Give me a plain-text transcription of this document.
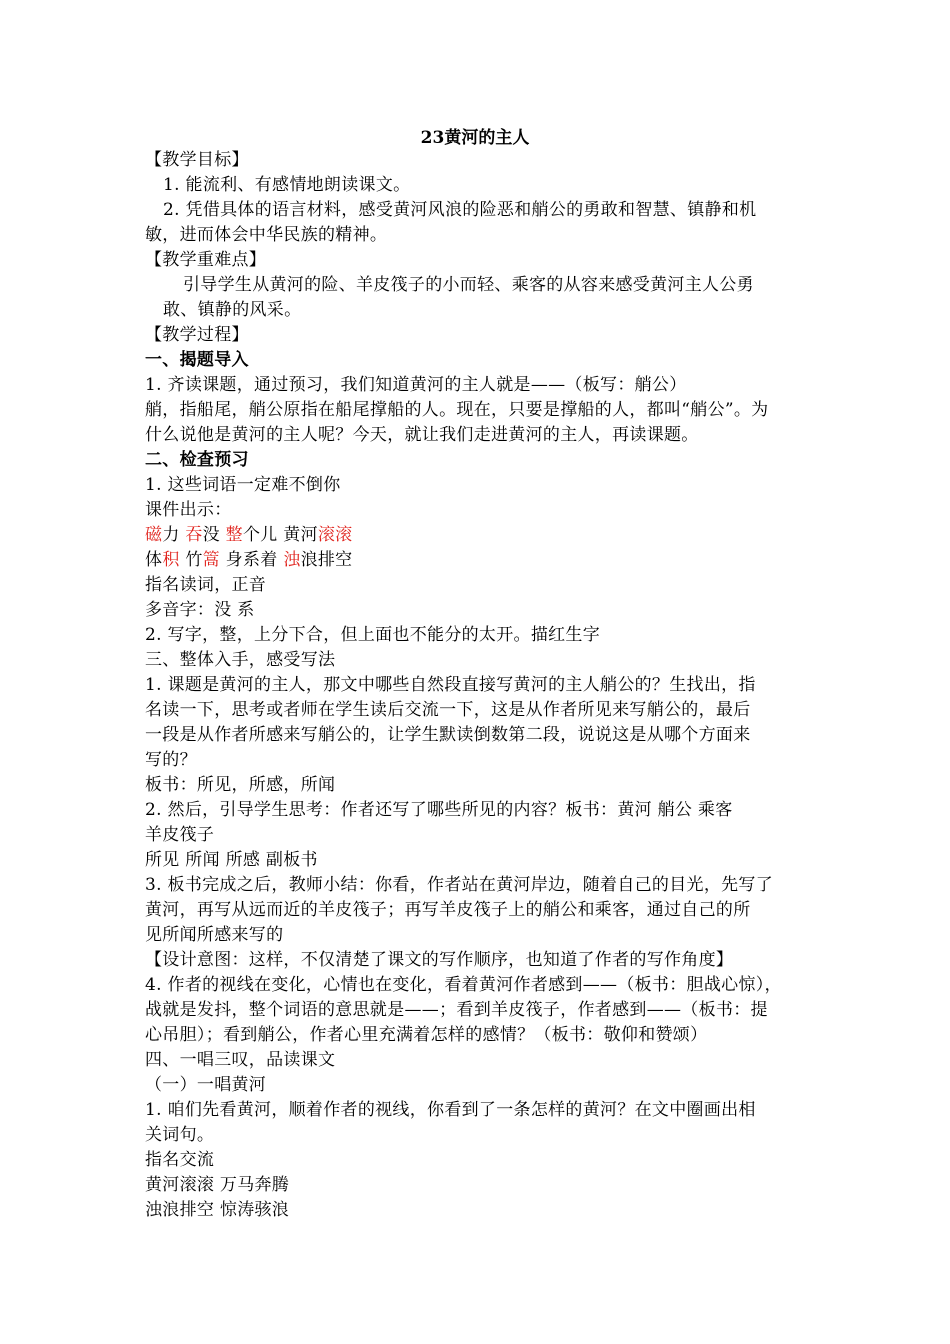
23黄河的主人
【教学目标】
1. 能流利、有感情地朗读课文。
2. 凭借具体的语言材料，感受黄河风浪的险恶和艄公的勇敢和智慧、镇静和机
敏，进而体会中华民族的精神。
【教学重难点】
引导学生从黄河的险、羊皮筏子的小而轻、乘客的从容来感受黄河主人公勇
敢、镇静的风采。
【教学过程】
一、揭题导入
1. 齐读课题，通过预习，我们知道黄河的主人就是——（板写：艄公）
艄，指船尾，艄公原指在船尾撑船的人。现在，只要是撑船的人，都叫“艄公”。为
什么说他是黄河的主人呢？今天，就让我们走进黄河的主人，再读课题。
二、检查预习
1. 这些词语一定难不倒你
课件出示：
磁力 吞没 整个儿 黄河滚滚
体积 竹篙 身系着 浊浪排空
指名读词，正音
多音字：没 系
2. 写字，整，上分下合，但上面也不能分的太开。描红生字
三、整体入手，感受写法
1. 课题是黄河的主人，那文中哪些自然段直接写黄河的主人艄公的？生找出，指
名读一下，思考或者师在学生读后交流一下，这是从作者所见来写艄公的，最后
一段是从作者所感来写艄公的，让学生默读倒数第二段，说说这是从哪个方面来
写的？
板书：所见，所感，所闻
2. 然后，引导学生思考：作者还写了哪些所见的内容？板书：黄河 艄公 乘客
羊皮筏子
所见 所闻 所感 副板书
3. 板书完成之后，教师小结：你看，作者站在黄河岸边，随着自己的目光，先写了
黄河，再写从远而近的羊皮筏子；再写羊皮筏子上的艄公和乘客，通过自己的所
见所闻所感来写的
【设计意图：这样，不仅清楚了课文的写作顺序，也知道了作者的写作角度】
4. 作者的视线在变化，心情也在变化，看着黄河作者感到——（板书：胆战心惊），
战就是发抖，整个词语的意思就是——；看到羊皮筏子，作者感到——（板书：提
心吊胆）；看到艄公，作者心里充满着怎样的感情？（板书：敬仰和赞颂）
四、一唱三叹，品读课文
（一）一唱黄河
1. 咱们先看黄河，顺着作者的视线，你看到了一条怎样的黄河？在文中圈画出相
关词句。
指名交流
黄河滚滚 万马奔腾
浊浪排空 惊涛骇浪
